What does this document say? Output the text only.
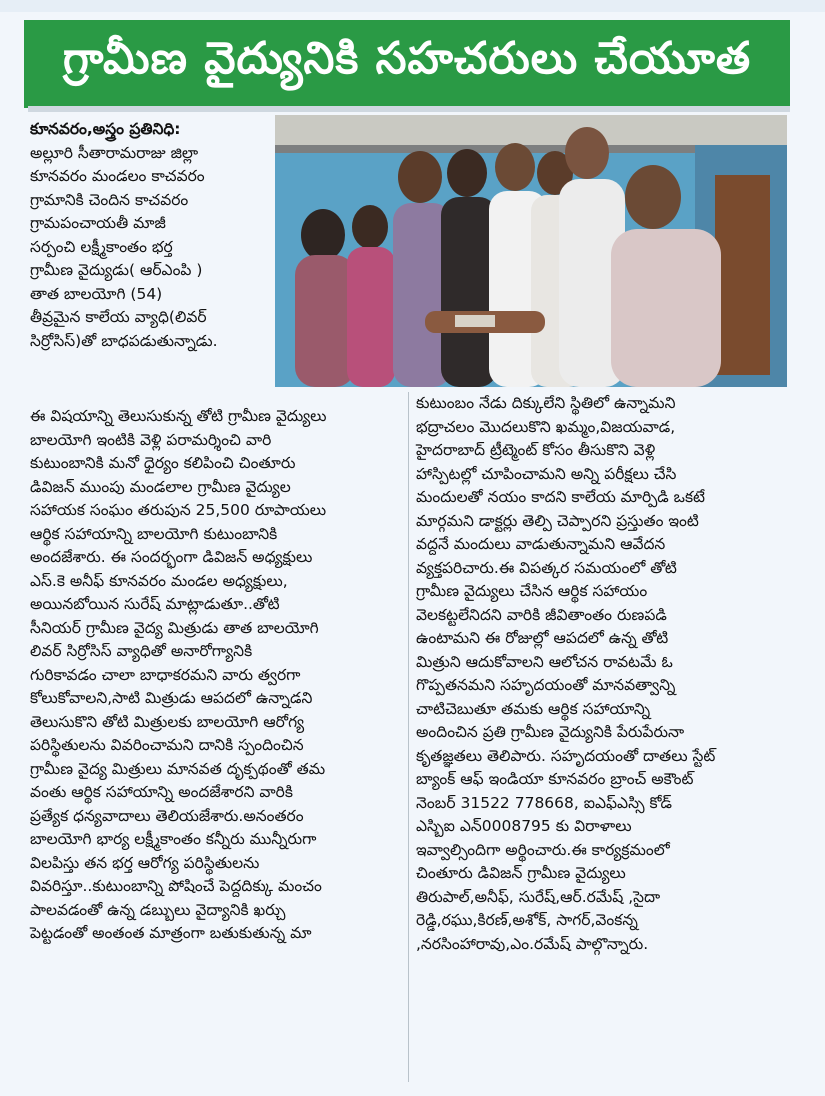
గ్రామీణ వైద్యునికి సహచరులు చేయూత

కూనవరం,అస్త్రం ప్రతినిధి:

అల్లూరి సీతారామరాజు జిల్లా

కూనవరం మండలం కాచవరం

గ్రామానికి చెందిన కాచవరం

గ్రామపంచాయతీ మాజీ

సర్పంచి లక్ష్మీకాంతం భర్త

గ్రామీణ వైద్యుడు( ఆర్ఎంపి )

తాత బాలయోగి (54)

తీవ్రమైన కాలేయ వ్యాధి(లివర్

సిర్రోసిస్)తో బాధపడుతున్నాడు.

ఈ విషయాన్ని తెలుసుకున్న తోటి గ్రామీణ వైద్యులు

బాలయోగి ఇంటికి వెళ్లి పరామర్శించి వారి

కుటుంబానికి మనో ధైర్యం కలిపించి చింతూరు

డివిజన్ ముంపు మండలాల గ్రామీణ వైద్యుల

సహాయక సంఘం తరుపున 25,500 రూపాయలు

ఆర్థిక సహాయాన్ని బాలయోగి కుటుంబానికి

అందజేశారు. ఈ సందర్భంగా డివిజన్ అధ్యక్షులు

ఎస్.కె అనీఫ్ కూనవరం మండల అధ్యక్షులు,

అయినబోయిన సురేష్ మాట్లాడుతూ..తోటి

సీనియర్ గ్రామీణ వైద్య మిత్రుడు తాత బాలయోగి

లివర్ సిర్రోసిస్ వ్యాధితో అనారోగ్యానికి

గురికావడం చాలా బాధాకరమని వారు త్వరగా

కోలుకోవాలని,సాటి మిత్రుడు ఆపదలో ఉన్నాడని

తెలుసుకొని తోటి మిత్రులకు బాలయోగి ఆరోగ్య

పరిస్థితులను వివరించామని దానికి స్పందించిన

గ్రామీణ వైద్య మిత్రులు మానవత దృక్పథంతో తమ

వంతు ఆర్థిక సహాయాన్ని అందజేశారని వారికి

ప్రత్యేక ధన్యవాదాలు తెలియజేశారు.అనంతరం

బాలయోగి భార్య లక్ష్మీకాంతం కన్నీరు మున్నీరుగా

విలపిస్తు తన భర్త ఆరోగ్య పరిస్థితులను

వివరిస్తూ..కుటుంబాన్ని పోషించే పెద్దదిక్కు మంచం

పాలవడంతో ఉన్న డబ్బులు వైద్యానికి ఖర్చు

పెట్టడంతో అంతంత మాత్రంగా బతుకుతున్న మా

కుటుంబం నేడు దిక్కులేని స్థితిలో ఉన్నామని

భద్రాచలం మొదలుకొని ఖమ్మం,విజయవాడ,

హైదరాబాద్ ట్రీట్మెంట్ కోసం తీసుకొని వెళ్లి

హాస్పిటల్లో చూపించామని అన్ని పరీక్షలు చేసి

మందులతో నయం కాదని కాలేయ మార్పిడి ఒకటే

మార్గమని డాక్టర్లు తెల్పి చెప్పారని ప్రస్తుతం ఇంటి

వద్దనే మందులు వాడుతున్నామని ఆవేదన

వ్యక్తపరిచారు.ఈ విపత్కర సమయంలో తోటి

గ్రామీణ వైద్యులు చేసిన ఆర్థిక సహాయం

వెలకట్టలేనిదని వారికి జీవితాంతం రుణపడి

ఉంటామని ఈ రోజుల్లో ఆపదలో ఉన్న తోటి

మిత్రుని ఆదుకోవాలని ఆలోచన రావటమే ఓ

గొప్పతనమని సహృదయంతో మానవత్వాన్ని

చాటిచెబుతూ తమకు ఆర్థిక సహాయాన్ని

అందించిన ప్రతి గ్రామీణ వైద్యునికి పేరుపేరునా

కృతజ్ఞతలు తెలిపారు. సహృదయంతో దాతలు స్టేట్

బ్యాంక్ ఆఫ్ ఇండియా కూనవరం బ్రాంచ్ అకౌంట్

నెంబర్ 31522 778668, ఐఎఫ్ఎస్సి కోడ్

ఎస్బిఐ ఎన్0008795 కు విరాళాలు

ఇవ్వాల్సిందిగా అర్థించారు.ఈ కార్యక్రమంలో

చింతూరు డివిజన్ గ్రామీణ వైద్యులు

తిరుపాల్,అనీఫ్, సురేష్,ఆర్.రమేష్ ,సైదా

రెడ్డి,రఘు,కిరణ్,అశోక్, సాగర్,వెంకన్న

,నరసింహారావు,ఎం.రమేష్ పాల్గొన్నారు.
